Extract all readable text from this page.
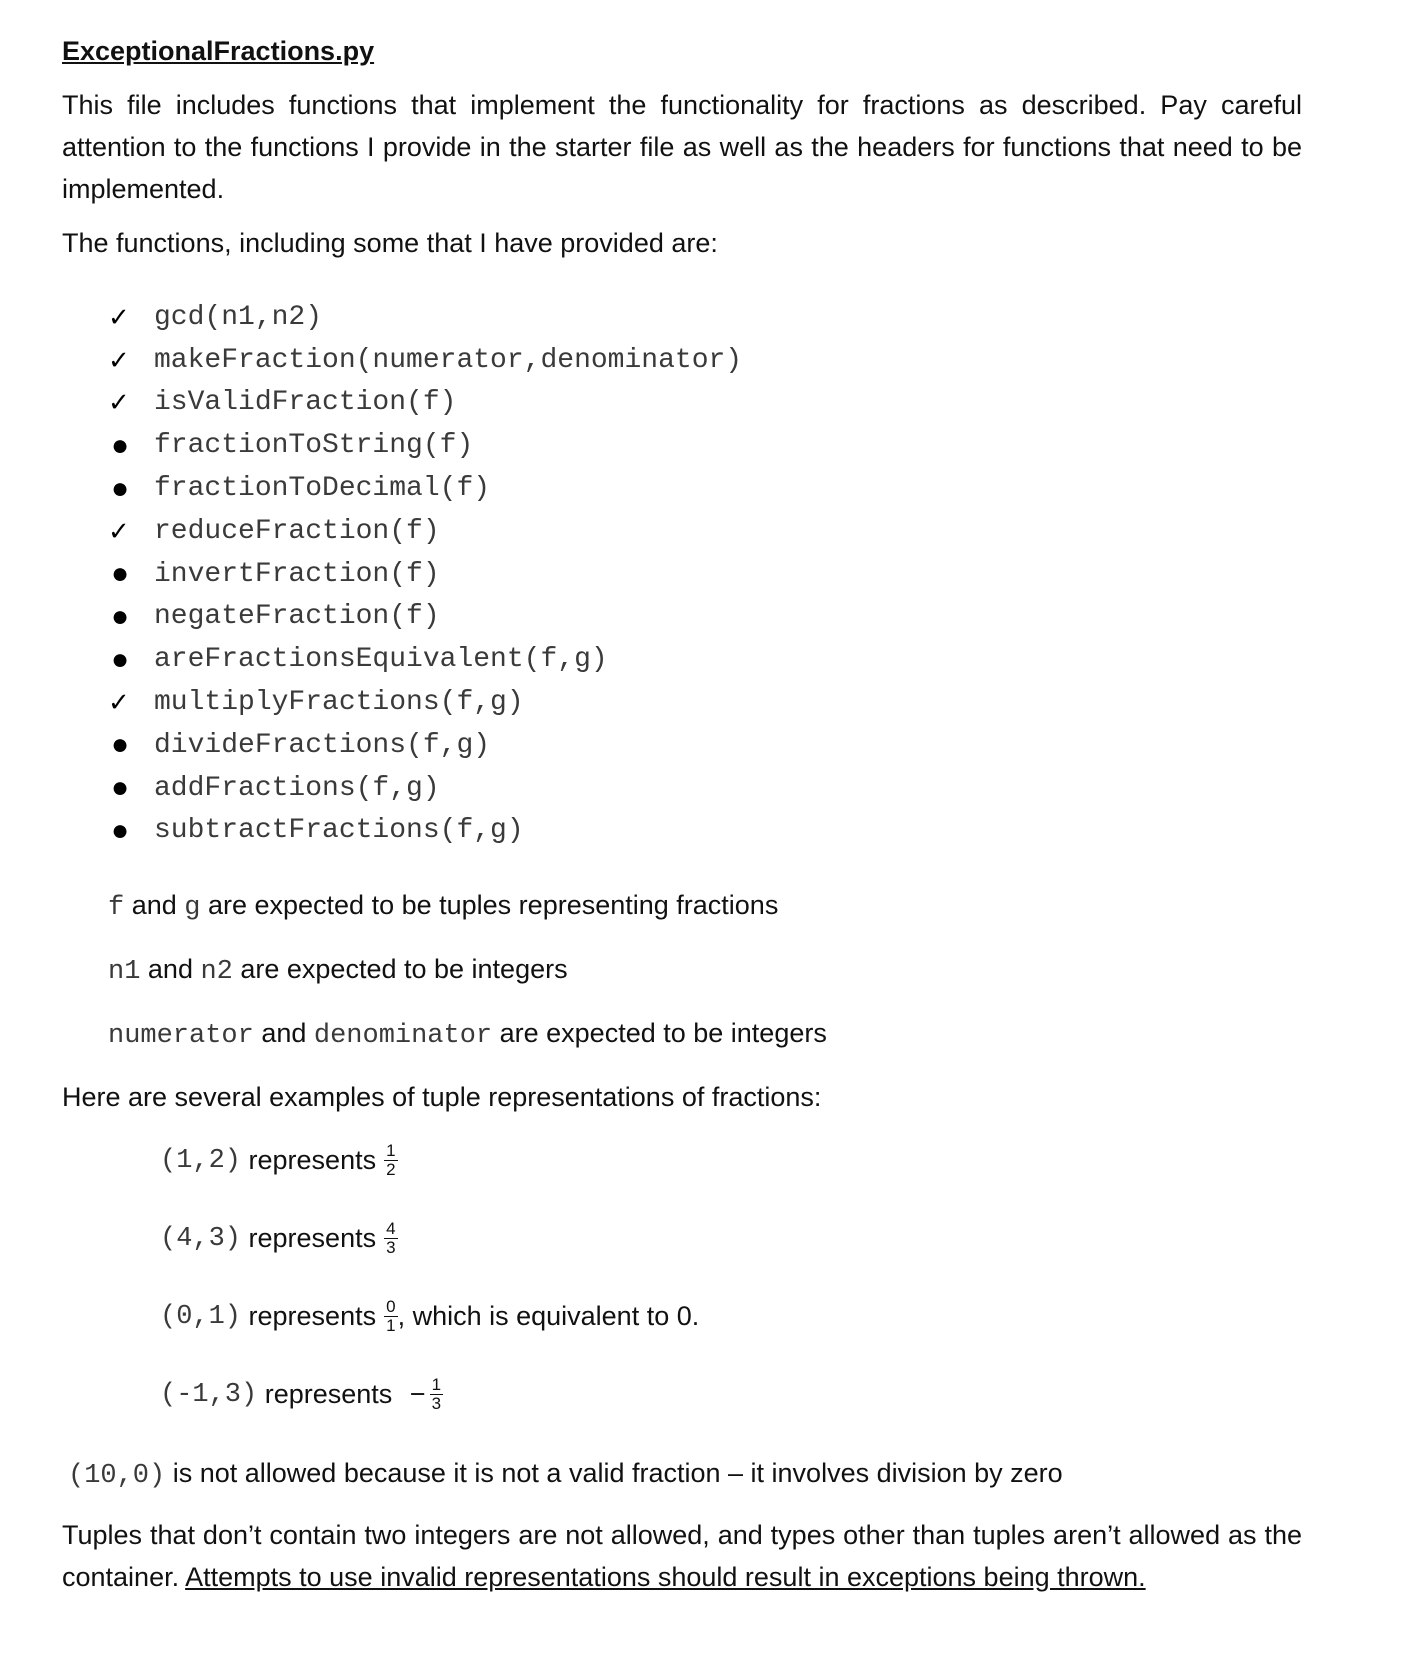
ExceptionalFractions.py

This file includes functions that implement the functionality for fractions as described. Pay careful attention to the functions I provide in the starter file as well as the headers for functions that need to be implemented.

The functions, including some that I have provided are:

✓ gcd(n1,n2)
✓ makeFraction(numerator,denominator)
✓ isValidFraction(f)
● fractionToString(f)
● fractionToDecimal(f)
✓ reduceFraction(f)
● invertFraction(f)
● negateFraction(f)
● areFractionsEquivalent(f,g)
✓ multiplyFractions(f,g)
● divideFractions(f,g)
● addFractions(f,g)
● subtractFractions(f,g)

f and g are expected to be tuples representing fractions

n1 and n2 are expected to be integers

numerator and denominator are expected to be integers

Here are several examples of tuple representations of fractions:

(1,2) represents $\frac{1}{2}$

(4,3) represents $\frac{4}{3}$

(0,1) represents $\frac{0}{1}$ , which is equivalent to 0.

(-1,3) represents − $\frac{1}{3}$

(10,0) is not allowed because it is not a valid fraction – it involves division by zero

Tuples that don’t contain two integers are not allowed, and types other than tuples aren’t allowed as the container. Attempts to use invalid representations should result in exceptions being thrown.
